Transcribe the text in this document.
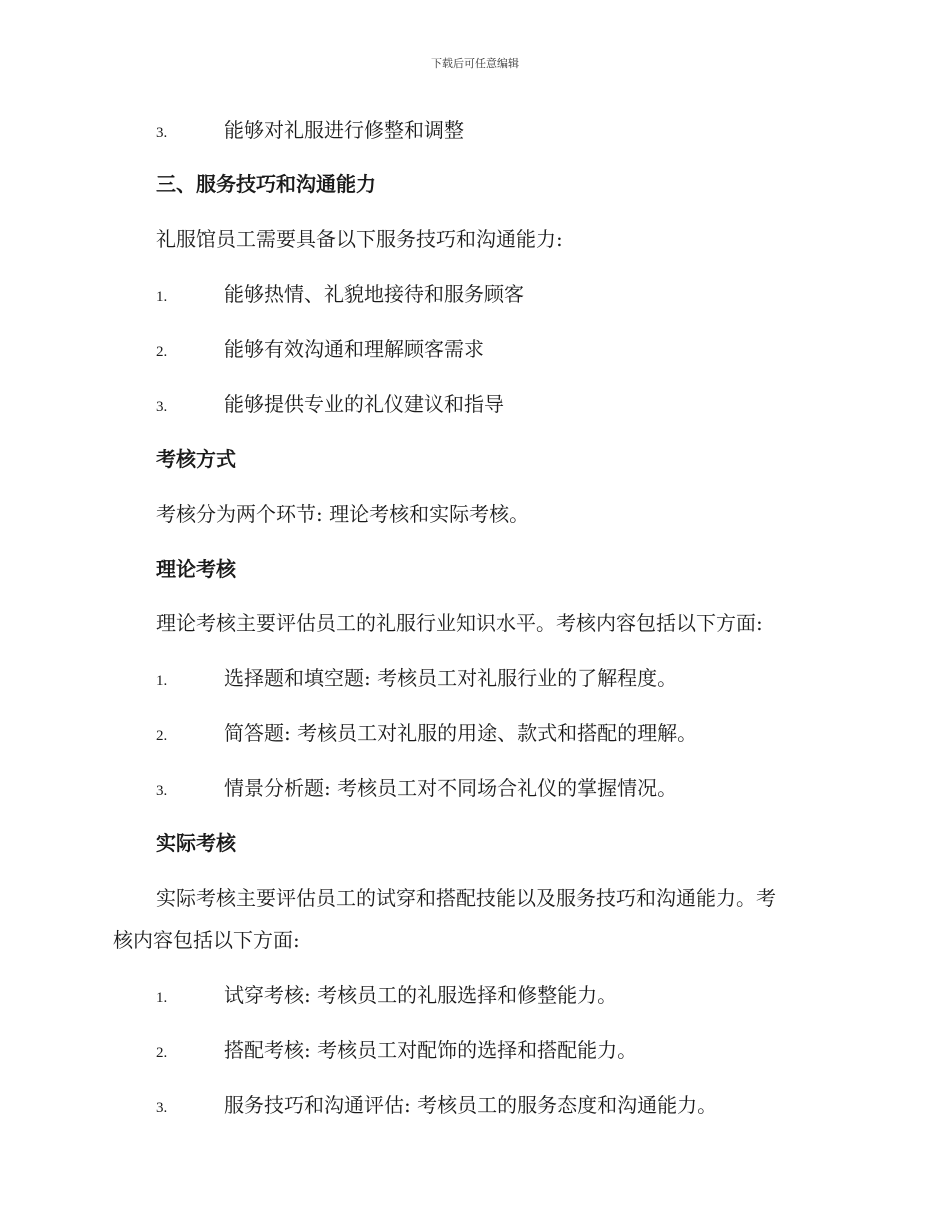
下载后可任意编辑
3.	能够对礼服进行修整和调整
三、服务技巧和沟通能力
礼服馆员工需要具备以下服务技巧和沟通能力:
1.	能够热情、礼貌地接待和服务顾客
2.	能够有效沟通和理解顾客需求
3.	能够提供专业的礼仪建议和指导
考核方式
考核分为两个环节: 理论考核和实际考核。
理论考核
理论考核主要评估员工的礼服行业知识水平。考核内容包括以下方面:
1.	选择题和填空题: 考核员工对礼服行业的了解程度。
2.	简答题: 考核员工对礼服的用途、款式和搭配的理解。
3.	情景分析题: 考核员工对不同场合礼仪的掌握情况。
实际考核
实际考核主要评估员工的试穿和搭配技能以及服务技巧和沟通能力。考
核内容包括以下方面:
1.	试穿考核: 考核员工的礼服选择和修整能力。
2.	搭配考核: 考核员工对配饰的选择和搭配能力。
3.	服务技巧和沟通评估: 考核员工的服务态度和沟通能力。
